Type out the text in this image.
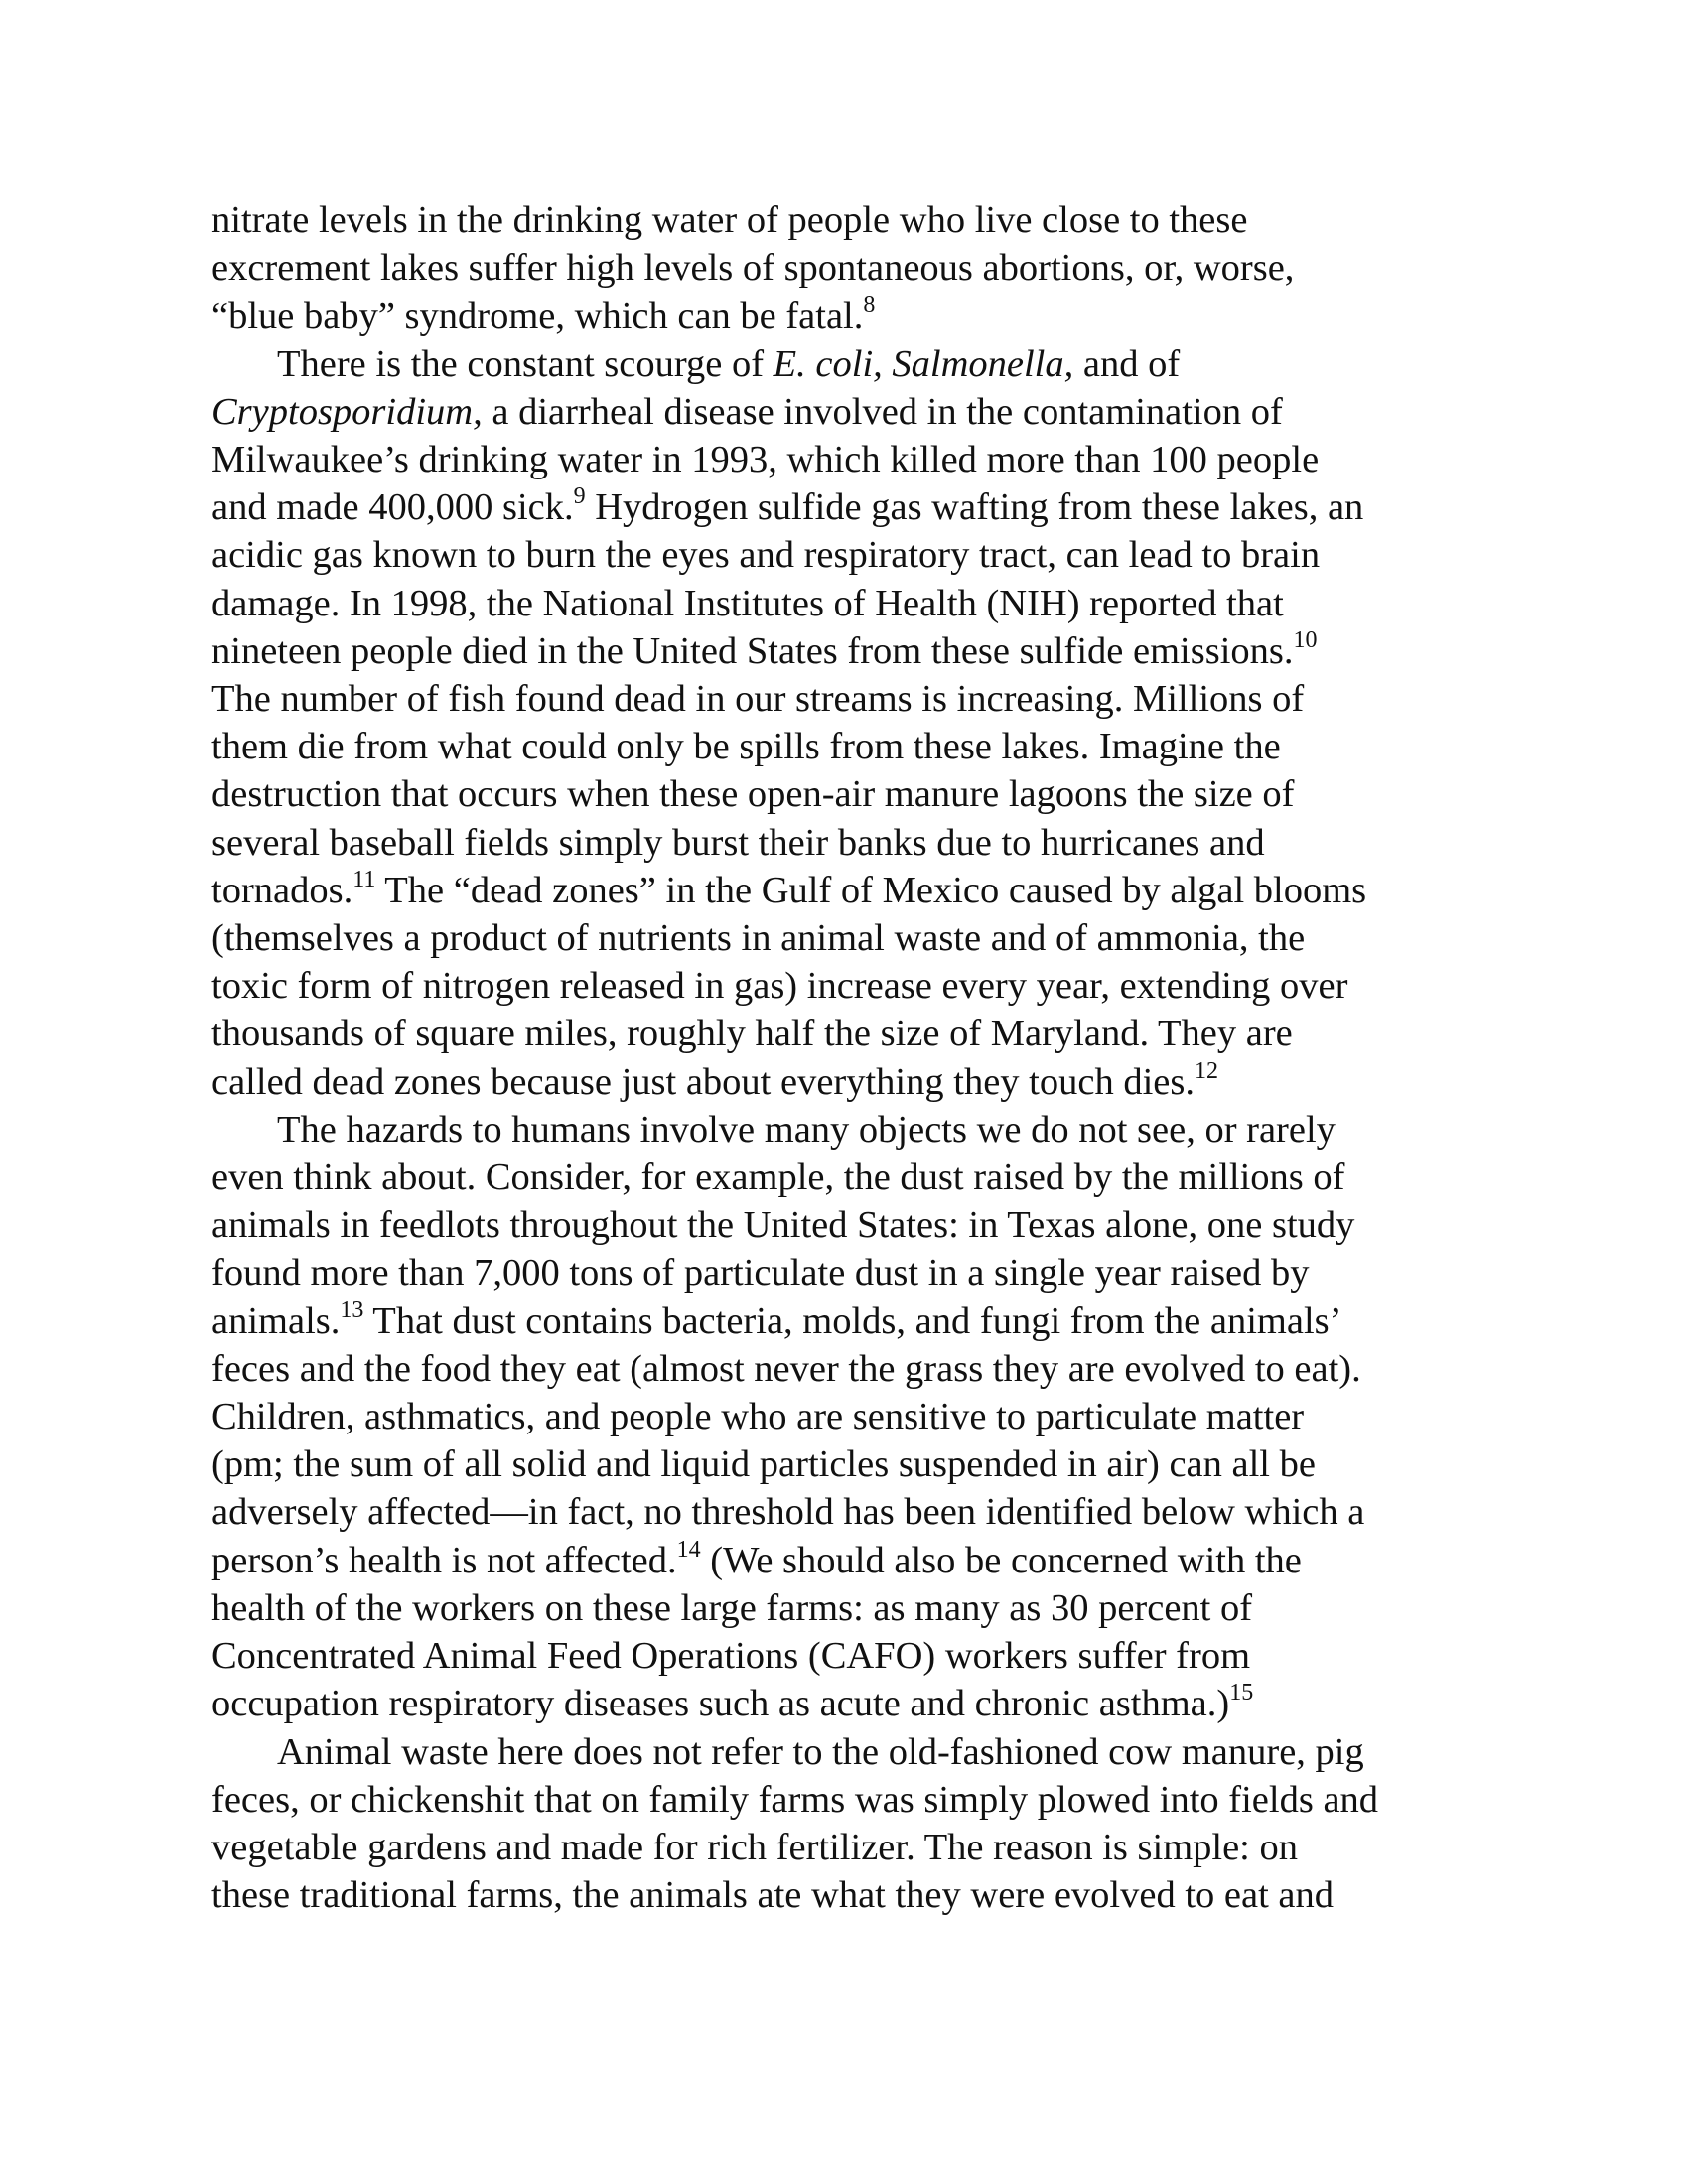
nitrate levels in the drinking water of people who live close to these
excrement lakes suffer high levels of spontaneous abortions, or, worse,
“blue baby” syndrome, which can be fatal.$^8$
There is the constant scourge of E. coli, Salmonella, and of
Cryptosporidium, a diarrheal disease involved in the contamination of
Milwaukee’s drinking water in 1993, which killed more than 100 people
and made 400,000 sick.$^9$ Hydrogen sulfide gas wafting from these lakes, an
acidic gas known to burn the eyes and respiratory tract, can lead to brain
damage. In 1998, the National Institutes of Health (NIH) reported that
nineteen people died in the United States from these sulfide emissions.$^{10}$
The number of fish found dead in our streams is increasing. Millions of
them die from what could only be spills from these lakes. Imagine the
destruction that occurs when these open-air manure lagoons the size of
several baseball fields simply burst their banks due to hurricanes and
tornados.$^{11}$ The “dead zones” in the Gulf of Mexico caused by algal blooms
(themselves a product of nutrients in animal waste and of ammonia, the
toxic form of nitrogen released in gas) increase every year, extending over
thousands of square miles, roughly half the size of Maryland. They are
called dead zones because just about everything they touch dies.$^{12}$
The hazards to humans involve many objects we do not see, or rarely
even think about. Consider, for example, the dust raised by the millions of
animals in feedlots throughout the United States: in Texas alone, one study
found more than 7,000 tons of particulate dust in a single year raised by
animals.$^{13}$ That dust contains bacteria, molds, and fungi from the animals’
feces and the food they eat (almost never the grass they are evolved to eat).
Children, asthmatics, and people who are sensitive to particulate matter
(pm; the sum of all solid and liquid particles suspended in air) can all be
adversely affected—in fact, no threshold has been identified below which a
person’s health is not affected.$^{14}$ (We should also be concerned with the
health of the workers on these large farms: as many as 30 percent of
Concentrated Animal Feed Operations (CAFO) workers suffer from
occupation respiratory diseases such as acute and chronic asthma.)$^{15}$
Animal waste here does not refer to the old-fashioned cow manure, pig
feces, or chickenshit that on family farms was simply plowed into fields and
vegetable gardens and made for rich fertilizer. The reason is simple: on
these traditional farms, the animals ate what they were evolved to eat and
